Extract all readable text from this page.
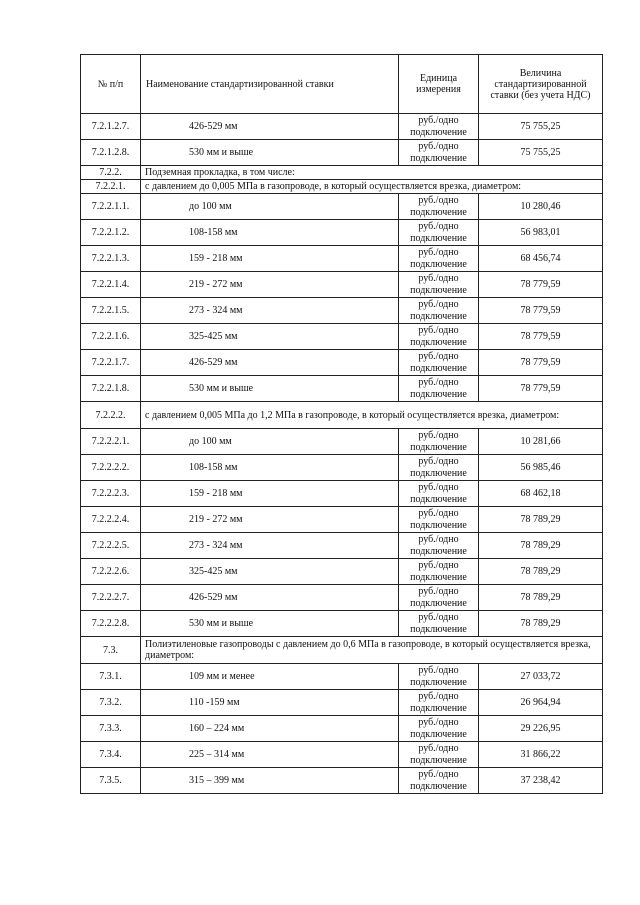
№ п/п	Наименование стандартизированной ставки	Единица измерения	Величина стандартизированной ставки (без учета НДС)
7.2.1.2.7.	426-529 мм	руб./одно подключение	75 755,25
7.2.1.2.8.	530 мм и выше	руб./одно подключение	75 755,25
7.2.2.	Подземная прокладка, в том числе:		
7.2.2.1.	с давлением до 0,005 МПа в газопроводе, в который осуществляется врезка, диаметром:		
7.2.2.1.1.	до 100 мм	руб./одно подключение	10 280,46
7.2.2.1.2.	108-158 мм	руб./одно подключение	56 983,01
7.2.2.1.3.	159 - 218 мм	руб./одно подключение	68 456,74
7.2.2.1.4.	219 - 272 мм	руб./одно подключение	78 779,59
7.2.2.1.5.	273 - 324 мм	руб./одно подключение	78 779,59
7.2.2.1.6.	325-425 мм	руб./одно подключение	78 779,59
7.2.2.1.7.	426-529 мм	руб./одно подключение	78 779,59
7.2.2.1.8.	530 мм и выше	руб./одно подключение	78 779,59
7.2.2.2.	с давлением 0,005 МПа до 1,2 МПа в газопроводе, в который осуществляется врезка, диаметром:		
7.2.2.2.1.	до 100 мм	руб./одно подключение	10 281,66
7.2.2.2.2.	108-158 мм	руб./одно подключение	56 985,46
7.2.2.2.3.	159 - 218 мм	руб./одно подключение	68 462,18
7.2.2.2.4.	219 - 272 мм	руб./одно подключение	78 789,29
7.2.2.2.5.	273 - 324 мм	руб./одно подключение	78 789,29
7.2.2.2.6.	325-425 мм	руб./одно подключение	78 789,29
7.2.2.2.7.	426-529 мм	руб./одно подключение	78 789,29
7.2.2.2.8.	530 мм и выше	руб./одно подключение	78 789,29
7.3.	Полиэтиленовые газопроводы с давлением до 0,6 МПа в газопроводе, в который осуществляется врезка, диаметром:		
7.3.1.	109 мм и менее	руб./одно подключение	27 033,72
7.3.2.	110 -159 мм	руб./одно подключение	26 964,94
7.3.3.	160 – 224 мм	руб./одно подключение	29 226,95
7.3.4.	225 – 314 мм	руб./одно подключение	31 866,22
7.3.5.	315 – 399 мм	руб./одно подключение	37 238,42
